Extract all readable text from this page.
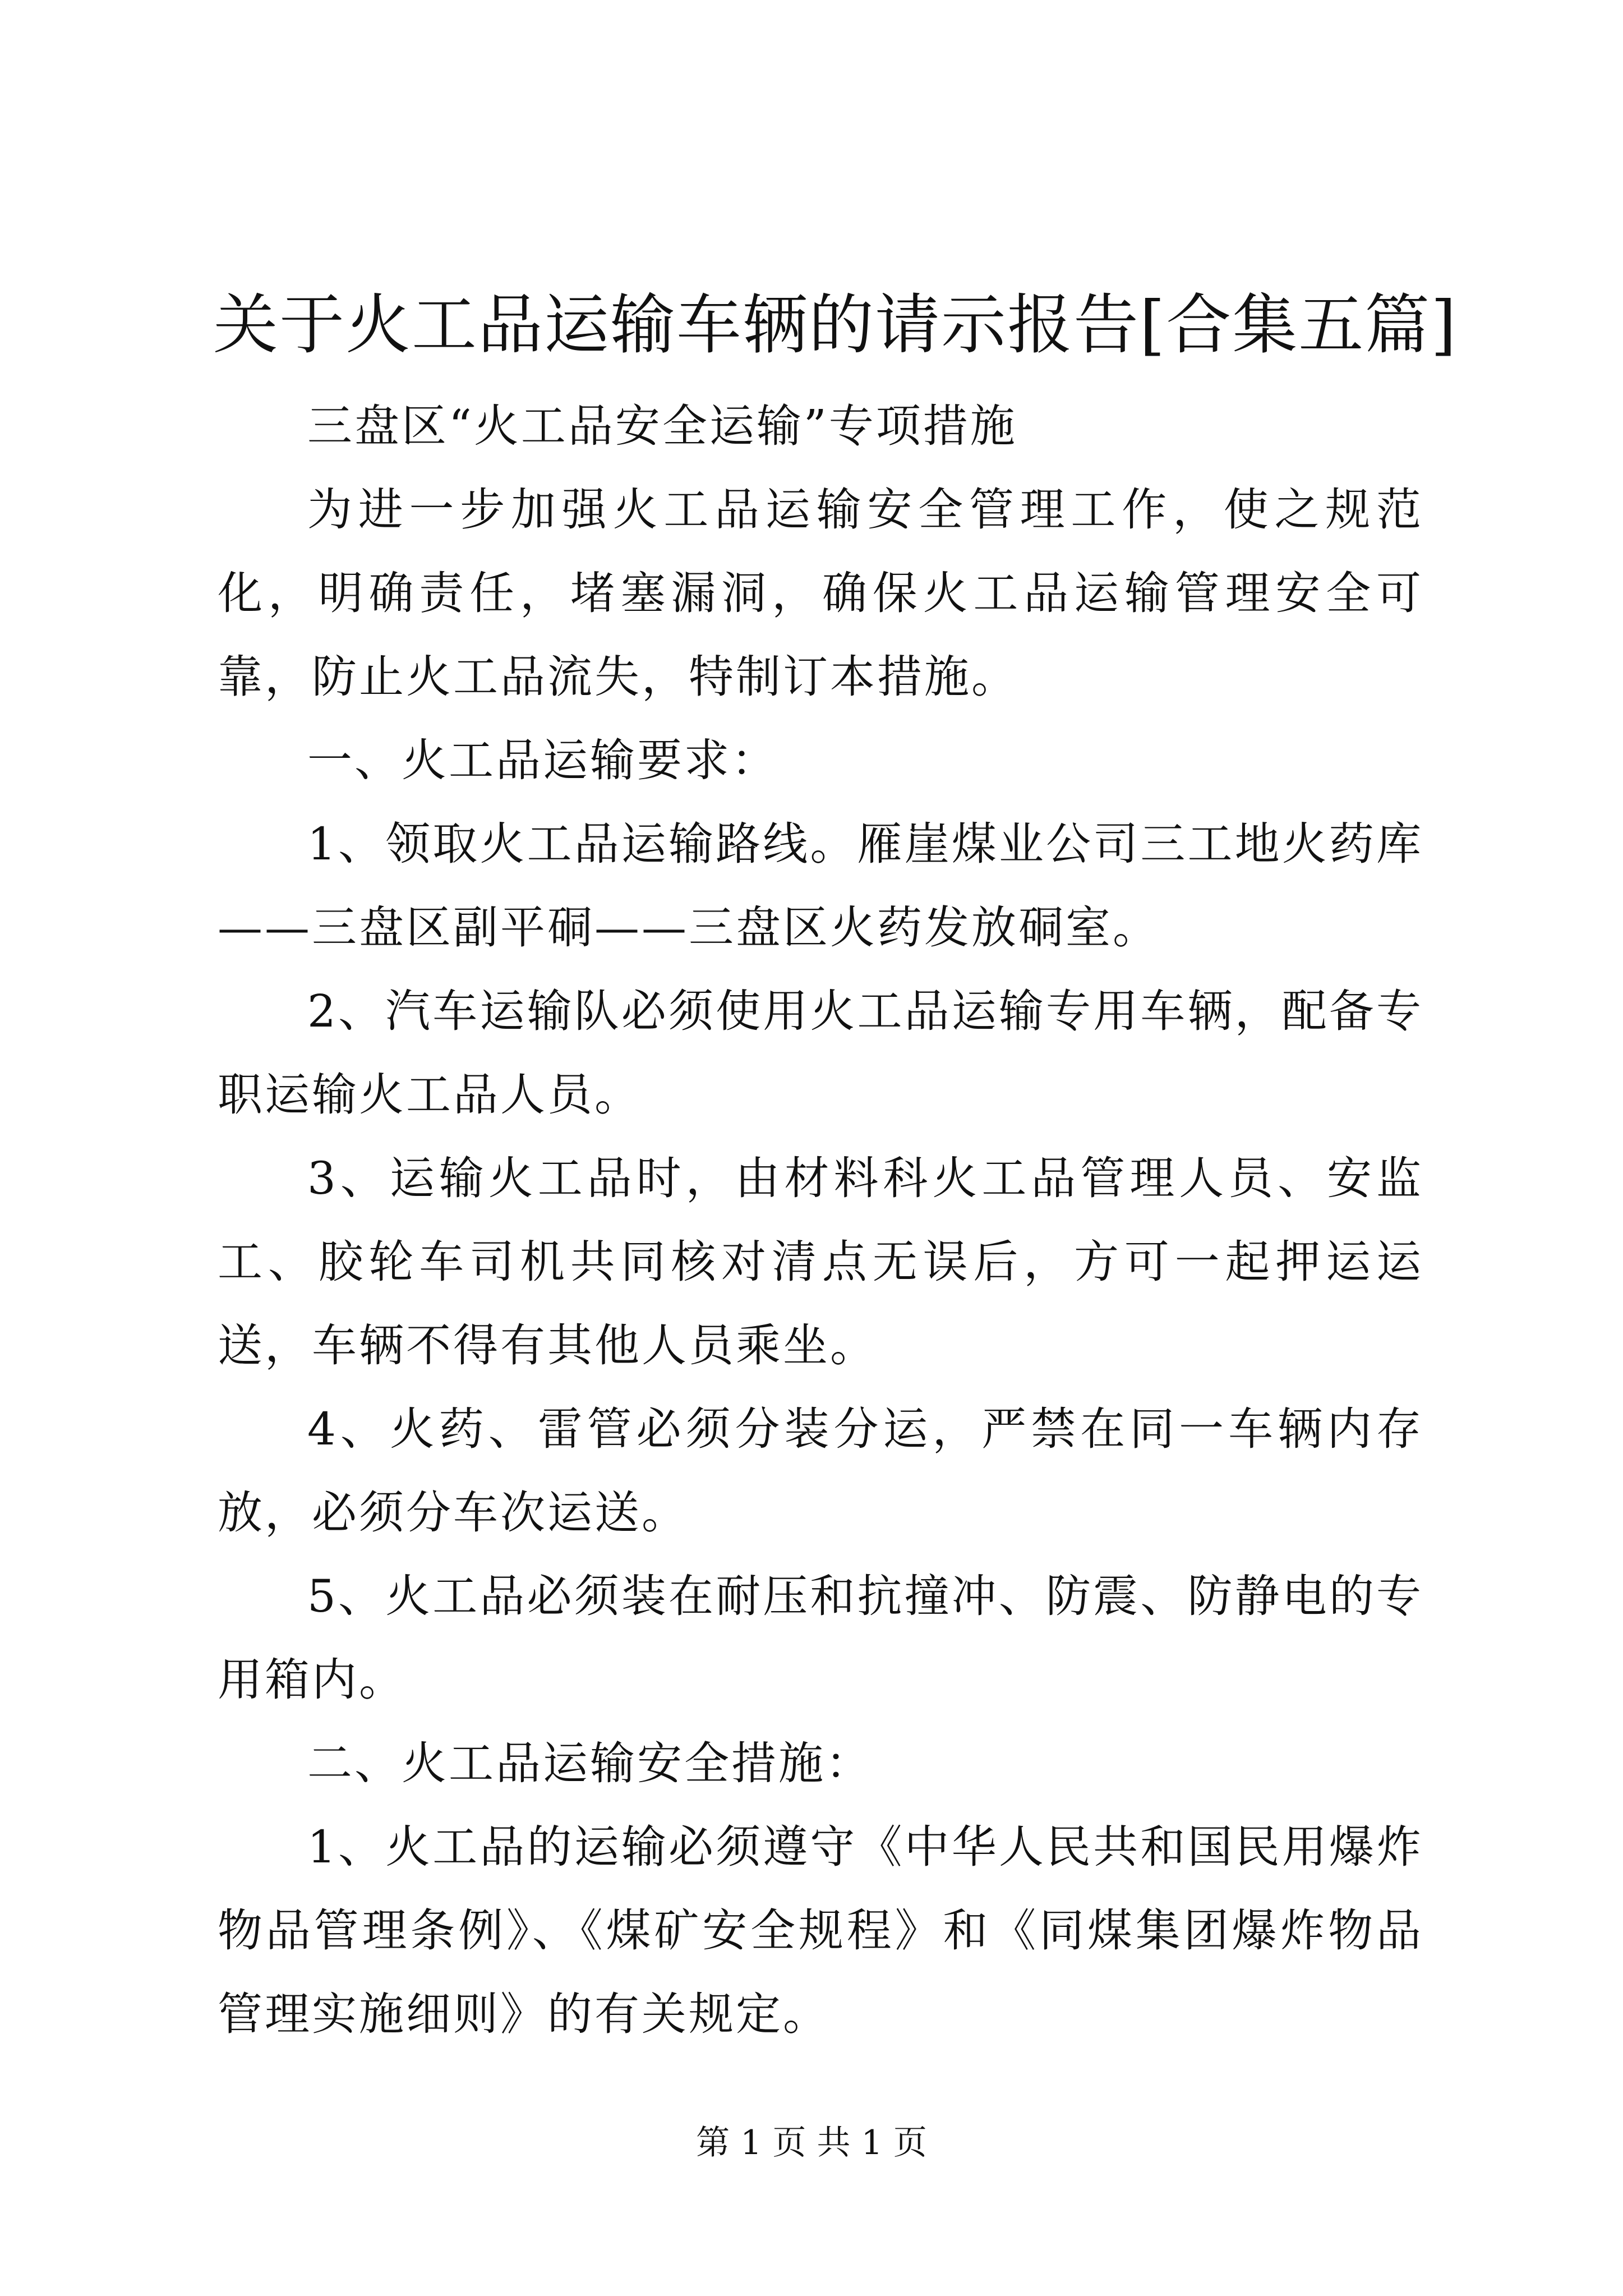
关于火工品运输车辆的请示报告[合集五篇]

三盘区“火工品安全运输”专项措施

为进一步加强火工品运输安全管理工作，使之规范化，明确责任，堵塞漏洞，确保火工品运输管理安全可靠，防止火工品流失，特制订本措施。

一、火工品运输要求：

1、领取火工品运输路线。雁崖煤业公司三工地火药库——三盘区副平硐——三盘区火药发放硐室。

2、汽车运输队必须使用火工品运输专用车辆，配备专职运输火工品人员。

3、运输火工品时，由材料科火工品管理人员、安监工、胶轮车司机共同核对清点无误后，方可一起押运运送，车辆不得有其他人员乘坐。

4、火药、雷管必须分装分运，严禁在同一车辆内存放，必须分车次运送。

5、火工品必须装在耐压和抗撞冲、防震、防静电的专用箱内。

二、火工品运输安全措施：

1、火工品的运输必须遵守《中华人民共和国民用爆炸物品管理条例》、《煤矿安全规程》和《同煤集团爆炸物品管理实施细则》的有关规定。

第 1 页 共 1 页
